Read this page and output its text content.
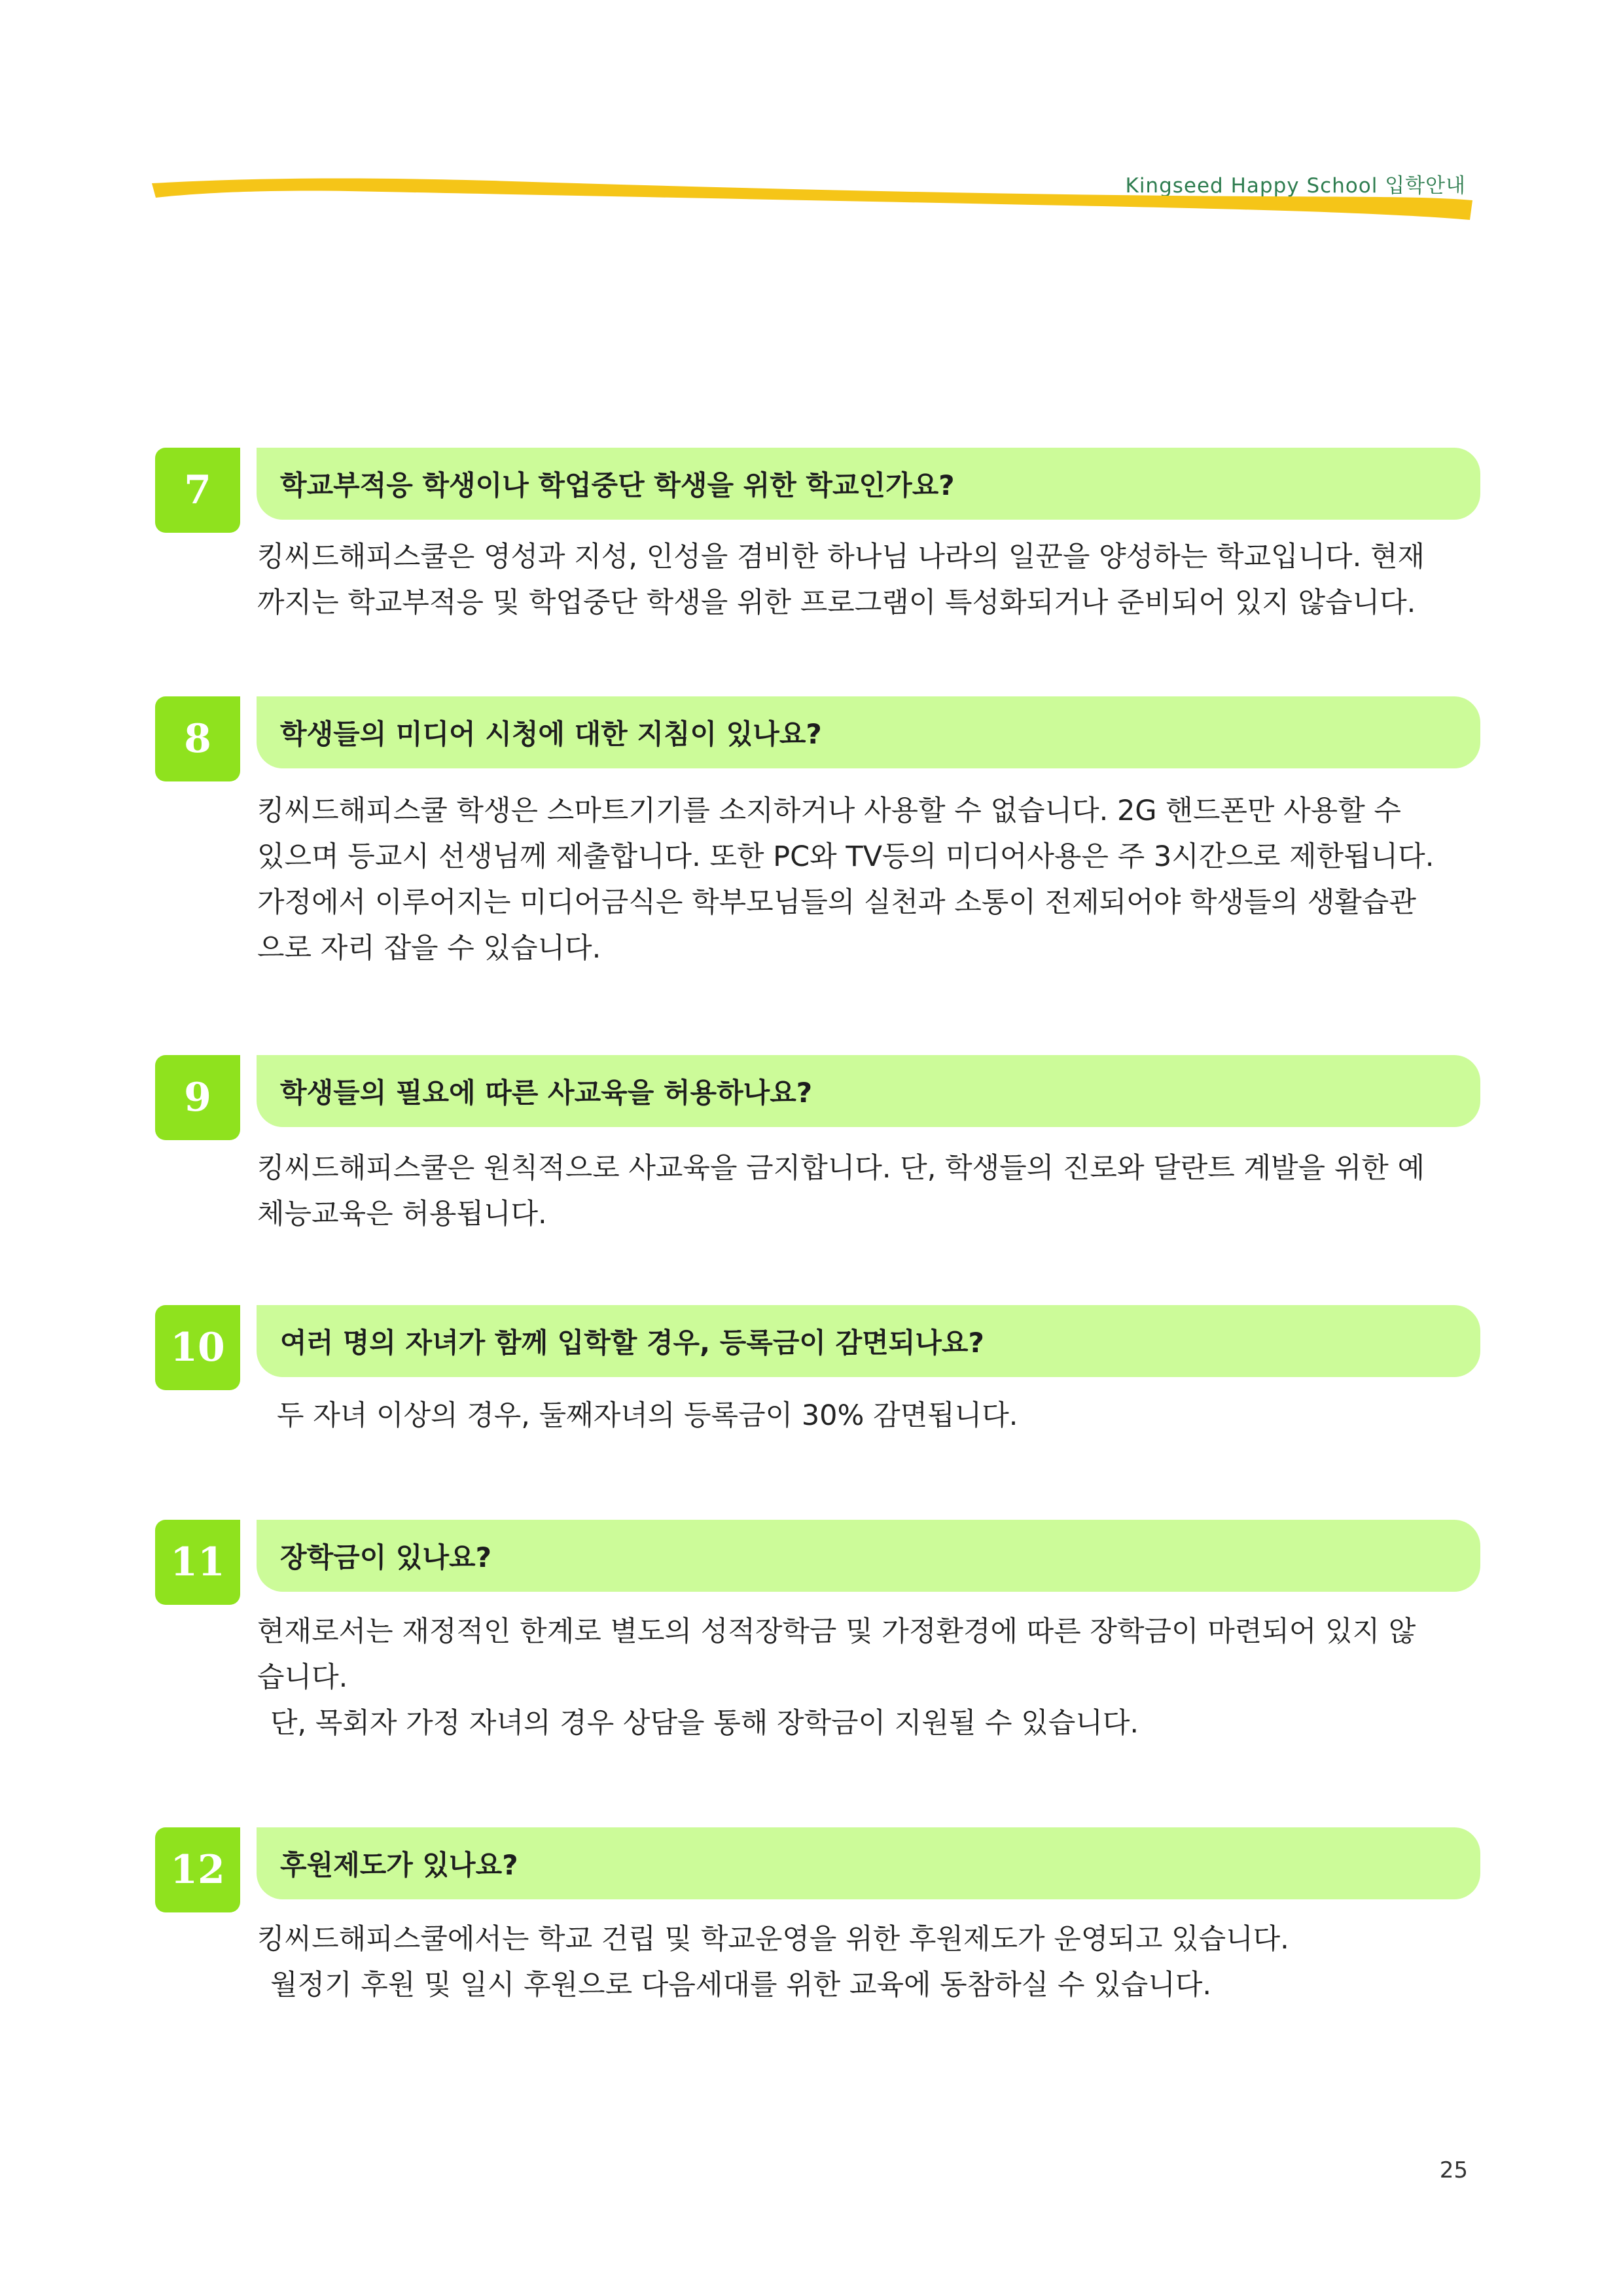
Kingseed Happy School 입학안내
7	학교부적응 학생이나 학업중단 학생을 위한 학교인가요?

킹씨드해피스쿨은 영성과 지성, 인성을 겸비한 하나님 나라의 일꾼을 양성하는 학교입니다. 현재

까지는 학교부적응 및 학업중단 학생을 위한 프로그램이 특성화되거나 준비되어 있지 않습니다.

8	학생들의 미디어 시청에 대한 지침이 있나요?

킹씨드해피스쿨 학생은 스마트기기를 소지하거나 사용할 수 없습니다. 2G 핸드폰만 사용할 수

있으며 등교시 선생님께 제출합니다. 또한 PC와 TV등의 미디어사용은 주 3시간으로 제한됩니다.

가정에서 이루어지는 미디어금식은 학부모님들의 실천과 소통이 전제되어야 학생들의 생활습관

으로 자리 잡을 수 있습니다.

9	학생들의 필요에 따른 사교육을 허용하나요?

킹씨드해피스쿨은 원칙적으로 사교육을 금지합니다. 단, 학생들의 진로와 달란트 계발을 위한 예

체능교육은 허용됩니다.

10	여러 명의 자녀가 함께 입학할 경우, 등록금이 감면되나요?

두 자녀 이상의 경우, 둘째자녀의 등록금이 30% 감면됩니다.

11	장학금이 있나요?

현재로서는 재정적인 한계로 별도의 성적장학금 및 가정환경에 따른 장학금이 마련되어 있지 않

습니다.

단, 목회자 가정 자녀의 경우 상담을 통해 장학금이 지원될 수 있습니다.

12	후원제도가 있나요?

킹씨드해피스쿨에서는 학교 건립 및 학교운영을 위한 후원제도가 운영되고 있습니다.

월정기 후원 및 일시 후원으로 다음세대를 위한 교육에 동참하실 수 있습니다.

25
